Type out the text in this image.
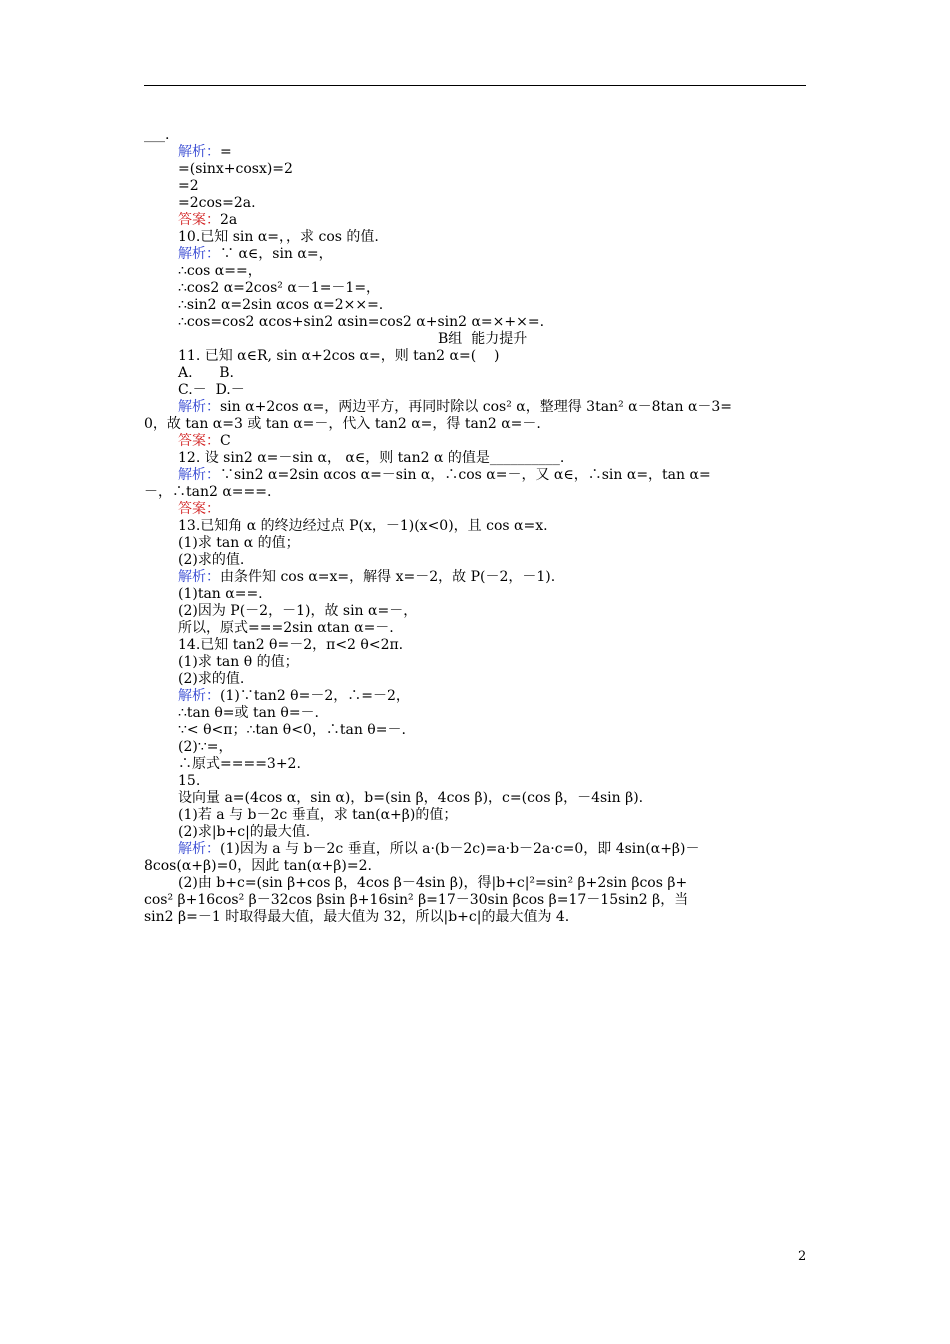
___.
解析：=
=(sinx+cosx)=2
=2
=2cos=2a.
答案：2a
10.已知 sin α=，，求 cos 的值.
解析：∵ α∈，sin α=，
∴cos α==，
∴cos2 α=2cos² α－1=－1=，
∴sin2 α=2sin αcos α=2××=.
∴cos=cos2 αcos+sin2 αsin=cos2 α+sin2 α=×+×=.
B组  能力提升
11. 已知 α∈R, sin α+2cos α=，则 tan2 α=(    )
A.      B.
C.－  D.－
解析：sin α+2cos α=，两边平方，再同时除以 cos² α，整理得 3tan² α－8tan α－3=
0，故 tan α=3 或 tan α=－，代入 tan2 α=，得 tan2 α=－.
答案：C
12. 设 sin2 α=－sin α， α∈，则 tan2 α 的值是__________.
解析：∵sin2 α=2sin αcos α=－sin α，∴cos α=－，又 α∈，∴sin α=，tan α=
－，∴tan2 α===.
答案：
13.已知角 α 的终边经过点 P(x，－1)(x<0)，且 cos α=x.
(1)求 tan α 的值；
(2)求的值.
解析：由条件知 cos α=x=，解得 x=－2，故 P(－2，－1).
(1)tan α==.
(2)因为 P(－2，－1)，故 sin α=－，
所以，原式===2sin αtan α=－.
14.已知 tan2 θ=－2，π<2 θ<2π.
(1)求 tan θ 的值；
(2)求的值.
解析：(1)∵tan2 θ=－2，∴=－2，
∴tan θ=或 tan θ=－.
∵< θ<π；∴tan θ<0，∴tan θ=－.
(2)∵=，
∴原式====3+2.
15.
设向量 a=(4cos α，sin α)，b=(sin β，4cos β)，c=(cos β，－4sin β).
(1)若 a 与 b－2c 垂直，求 tan(α+β)的值；
(2)求|b+c|的最大值.
解析：(1)因为 a 与 b－2c 垂直，所以 a·(b－2c)=a·b－2a·c=0，即 4sin(α+β)－
8cos(α+β)=0，因此 tan(α+β)=2.
(2)由 b+c=(sin β+cos β，4cos β－4sin β)，得|b+c|²=sin² β+2sin βcos β+
cos² β+16cos² β－32cos βsin β+16sin² β=17－30sin βcos β=17－15sin2 β，当
sin2 β=－1 时取得最大值，最大值为 32，所以|b+c|的最大值为 4.
2
